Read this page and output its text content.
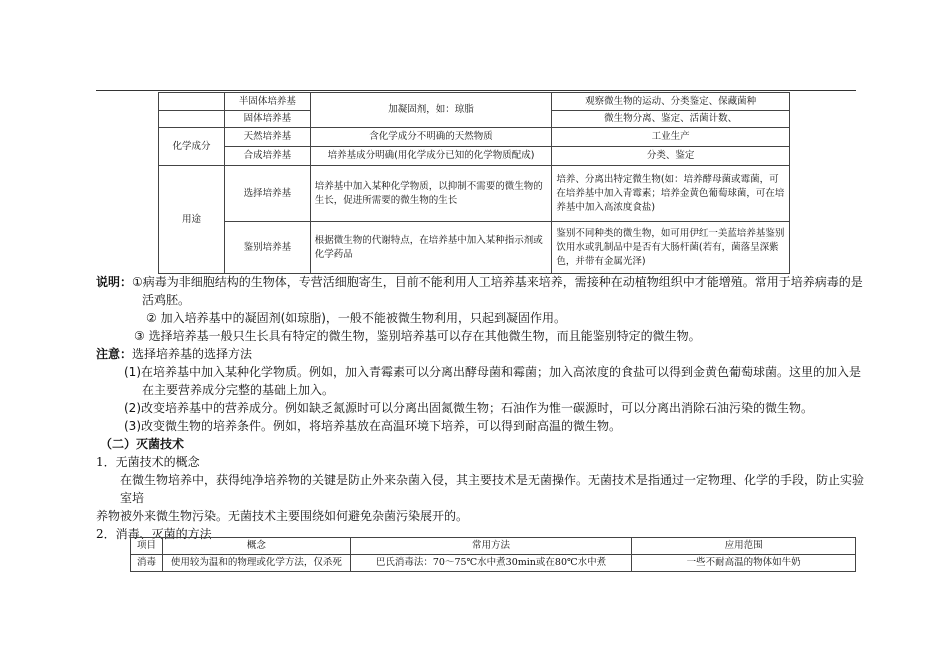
	半固体培养基	加凝固剂，如：琼脂	观察微生物的运动、分类鉴定、保藏菌种
	固体培养基		微生物分离、鉴定、活菌计数、
化学成分	天然培养基	含化学成分不明确的天然物质	工业生产
	合成培养基	培养基成分明确(用化学成分已知的化学物质配成)	分类、鉴定
用途	选择培养基	培养基中加入某种化学物质，以抑制不需要的微生物的生长，促进所需要的微生物的生长	培养、分离出特定微生物(如：培养酵母菌或霉菌，可在培养基中加入青霉素；培养金黄色葡萄球菌，可在培养基中加入高浓度食盐)
	鉴别培养基	根据微生物的代谢特点，在培养基中加入某种指示剂或化学药品	鉴别不同种类的微生物，如可用伊红一美蓝培养基鉴别饮用水或乳制品中是否有大肠杆菌(若有，菌落呈深紫色，并带有金属光泽)
说明：①病毒为非细胞结构的生物体，专营活细胞寄生，目前不能利用人工培养基来培养，需接种在动植物组织中才能增殖。常用于培养病毒的是
活鸡胚。
② 加入培养基中的凝固剂(如琼脂)，一般不能被微生物利用，只起到凝固作用。
③ 选择培养基一般只生长具有特定的微生物，鉴别培养基可以存在其他微生物，而且能鉴别特定的微生物。
注意：选择培养基的选择方法
(1)在培养基中加入某种化学物质。例如，加入青霉素可以分离出酵母菌和霉菌；加入高浓度的食盐可以得到金黄色葡萄球菌。这里的加入是
在主要营养成分完整的基础上加入。
(2)改变培养基中的营养成分。例如缺乏氮源时可以分离出固氮微生物；石油作为惟一碳源时，可以分离出消除石油污染的微生物。
(3)改变微生物的培养条件。例如，将培养基放在高温环境下培养，可以得到耐高温的微生物。
（二）灭菌技术
1．无菌技术的概念
在微生物培养中，获得纯净培养物的关键是防止外来杂菌入侵，其主要技术是无菌操作。无菌技术是指通过一定物理、化学的手段，防止实验室培
养物被外来微生物污染。无菌技术主要围绕如何避免杂菌污染展开的。
2．消毒、灭菌的方法
项目	概念	常用方法	应用范围
消毒	使用较为温和的物理或化学方法，仅杀死	巴氏消毒法：70～75℃水中煮30min或在80℃水中煮	一些不耐高温的物体如牛奶
